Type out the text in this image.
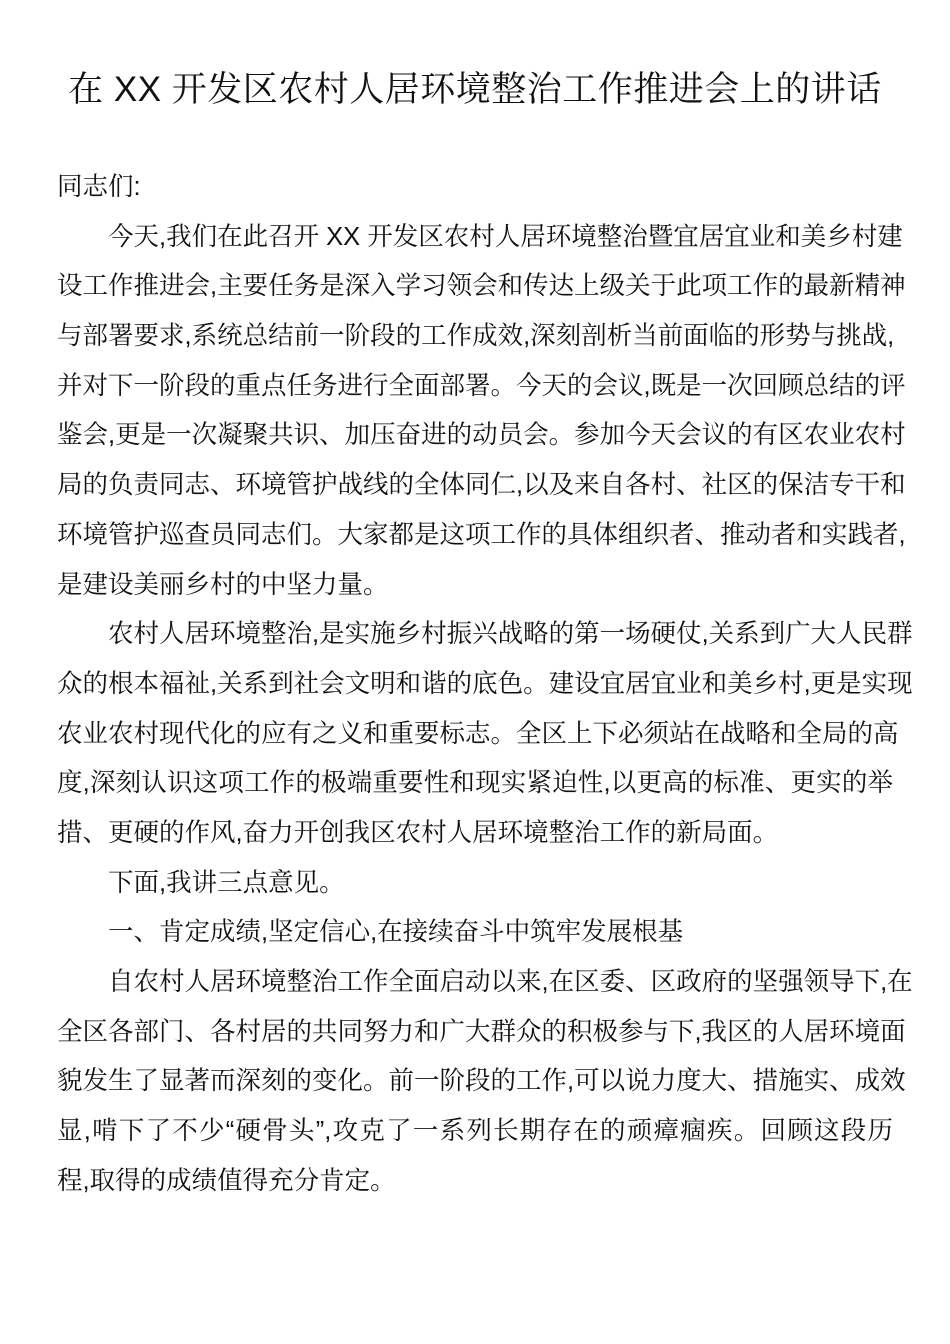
在 XX 开发区农村人居环境整治工作推进会上的讲话
同志们:
今天,我们在此召开 XX 开发区农村人居环境整治暨宜居宜业和美乡村建
设工作推进会,主要任务是深入学习领会和传达上级关于此项工作的最新精神
与部署要求,系统总结前一阶段的工作成效,深刻剖析当前面临的形势与挑战,
并对下一阶段的重点任务进行全面部署。今天的会议,既是一次回顾总结的评
鉴会,更是一次凝聚共识、加压奋进的动员会。参加今天会议的有区农业农村
局的负责同志、环境管护战线的全体同仁,以及来自各村、社区的保洁专干和
环境管护巡查员同志们。大家都是这项工作的具体组织者、推动者和实践者,
是建设美丽乡村的中坚力量。
农村人居环境整治,是实施乡村振兴战略的第一场硬仗,关系到广大人民群
众的根本福祉,关系到社会文明和谐的底色。建设宜居宜业和美乡村,更是实现
农业农村现代化的应有之义和重要标志。全区上下必须站在战略和全局的高
度,深刻认识这项工作的极端重要性和现实紧迫性,以更高的标准、更实的举
措、更硬的作风,奋力开创我区农村人居环境整治工作的新局面。
下面,我讲三点意见。
一、肯定成绩,坚定信心,在接续奋斗中筑牢发展根基
自农村人居环境整治工作全面启动以来,在区委、区政府的坚强领导下,在
全区各部门、各村居的共同努力和广大群众的积极参与下,我区的人居环境面
貌发生了显著而深刻的变化。前一阶段的工作,可以说力度大、措施实、成效
显,啃下了不少“硬骨头”,攻克了一系列长期存在的顽瘴痼疾。回顾这段历
程,取得的成绩值得充分肯定。
